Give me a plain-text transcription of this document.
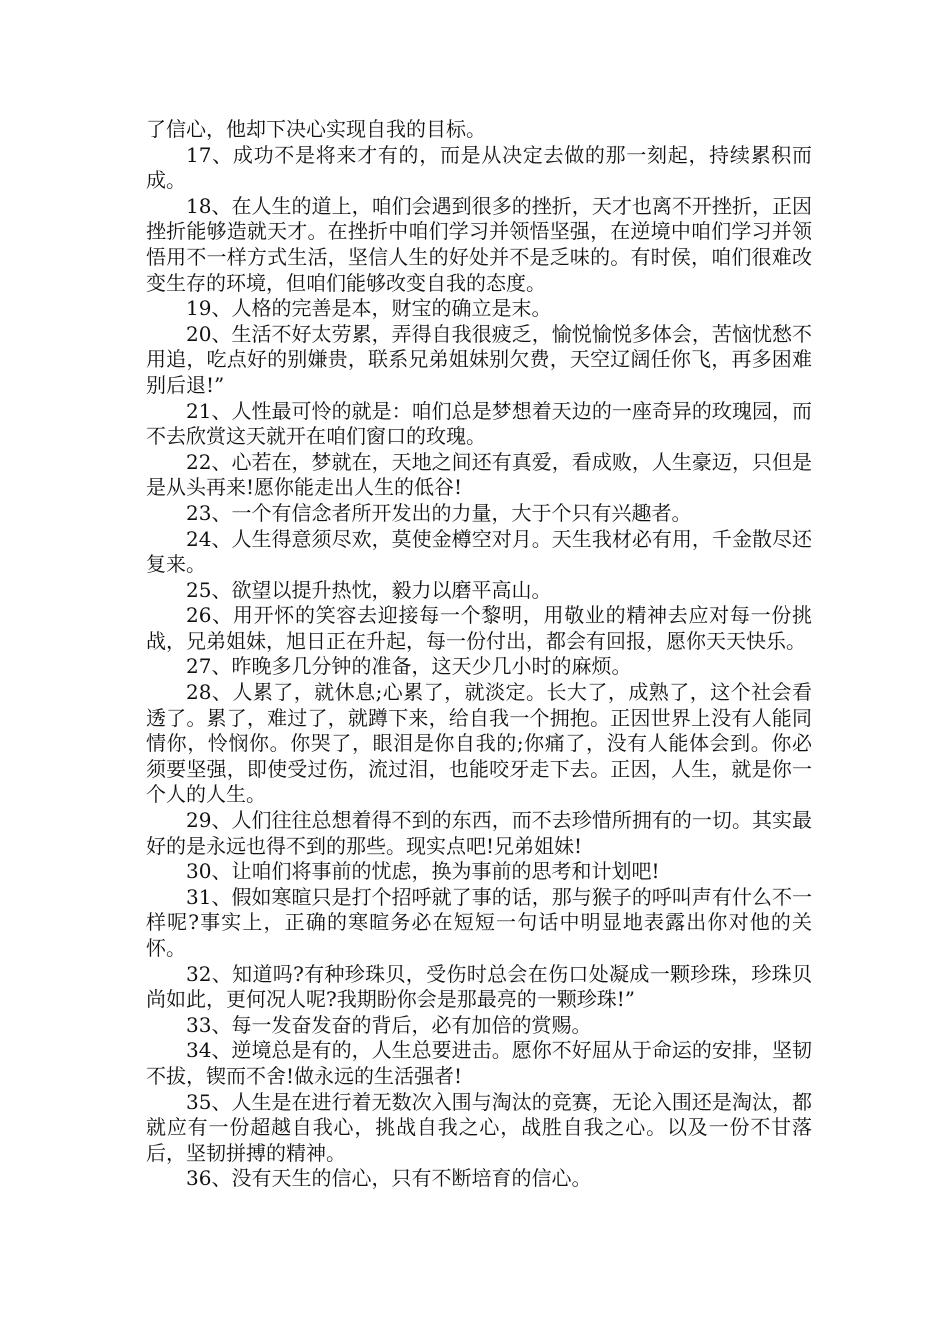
了信心，他却下决心实现自我的目标。

17、成功不是将来才有的，而是从决定去做的那一刻起，持续累积而成。

18、在人生的道上，咱们会遇到很多的挫折，天才也离不开挫折，正因挫折能够造就天才。在挫折中咱们学习并领悟坚强，在逆境中咱们学习并领悟用不一样方式生活，坚信人生的好处并不是乏味的。有时侯，咱们很难改变生存的环境，但咱们能够改变自我的态度。

19、人格的完善是本，财宝的确立是末。

20、生活不好太劳累，弄得自我很疲乏，愉悦愉悦多体会，苦恼忧愁不用追，吃点好的别嫌贵，联系兄弟姐妹别欠费，天空辽阔任你飞，再多困难别后退!”

21、人性最可怜的就是：咱们总是梦想着天边的一座奇异的玫瑰园，而不去欣赏这天就开在咱们窗口的玫瑰。

22、心若在，梦就在，天地之间还有真爱，看成败，人生豪迈，只但是是从头再来!愿你能走出人生的低谷!

23、一个有信念者所开发出的力量，大于个只有兴趣者。

24、人生得意须尽欢，莫使金樽空对月。天生我材必有用，千金散尽还复来。

25、欲望以提升热忱，毅力以磨平高山。

26、用开怀的笑容去迎接每一个黎明，用敬业的精神去应对每一份挑战，兄弟姐妹，旭日正在升起，每一份付出，都会有回报，愿你天天快乐。

27、昨晚多几分钟的准备，这天少几小时的麻烦。

28、人累了，就休息;心累了，就淡定。长大了，成熟了，这个社会看透了。累了，难过了，就蹲下来，给自我一个拥抱。正因世界上没有人能同情你，怜悯你。你哭了，眼泪是你自我的;你痛了，没有人能体会到。你必须要坚强，即使受过伤，流过泪，也能咬牙走下去。正因，人生，就是你一个人的人生。

29、人们往往总想着得不到的东西，而不去珍惜所拥有的一切。其实最好的是永远也得不到的那些。现实点吧!兄弟姐妹!

30、让咱们将事前的忧虑，换为事前的思考和计划吧!

31、假如寒暄只是打个招呼就了事的话，那与猴子的呼叫声有什么不一样呢?事实上，正确的寒暄务必在短短一句话中明显地表露出你对他的关怀。

32、知道吗?有种珍珠贝，受伤时总会在伤口处凝成一颗珍珠，珍珠贝尚如此，更何况人呢?我期盼你会是那最亮的一颗珍珠!”

33、每一发奋发奋的背后，必有加倍的赏赐。

34、逆境总是有的，人生总要进击。愿你不好屈从于命运的安排，坚韧不拔，锲而不舍!做永远的生活强者!

35、人生是在进行着无数次入围与淘汰的竞赛，无论入围还是淘汰，都就应有一份超越自我心，挑战自我之心，战胜自我之心。以及一份不甘落后，坚韧拼搏的精神。

36、没有天生的信心，只有不断培育的信心。
